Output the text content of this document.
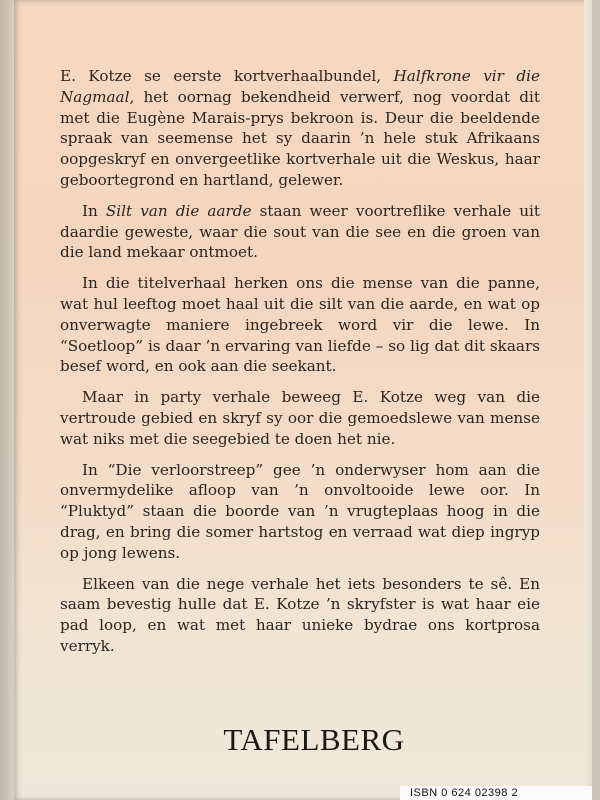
E. Kotze se eerste kortverhaalbundel, Halfkrone vir die Nagmaal, het oornag bekendheid verwerf, nog voordat dit met die Eugène Marais-prys bekroon is. Deur die beeldende spraak van seemense het sy daarin ’n hele stuk Afrikaans oopgeskryf en onvergeetlike kortverhale uit die Weskus, haar geboortegrond en hartland, gelewer.

In Silt van die aarde staan weer voortreflike verhale uit daardie geweste, waar die sout van die see en die groen van die land mekaar ontmoet.

In die titelverhaal herken ons die mense van die panne, wat hul leeftog moet haal uit die silt van die aarde, en wat op onverwagte maniere ingebreek word vir die lewe. In “Soetloop” is daar ’n ervaring van liefde – so lig dat dit skaars besef word, en ook aan die seekant.

Maar in party verhale beweeg E. Kotze weg van die vertroude gebied en skryf sy oor die gemoedslewe van mense wat niks met die seegebied te doen het nie.

In “Die verloorstreep” gee ’n onderwyser hom aan die onvermydelike afloop van ’n onvoltooide lewe oor. In “Pluktyd” staan die boorde van ’n vrugteplaas hoog in die drag, en bring die somer hartstog en verraad wat diep ingryp op jong lewens.

Elkeen van die nege verhale het iets besonders te sê. En saam bevestig hulle dat E. Kotze ’n skryfster is wat haar eie pad loop, en wat met haar unieke bydrae ons kortprosa verryk.

TAFELBERG
ISBN 0 624 02398 2
